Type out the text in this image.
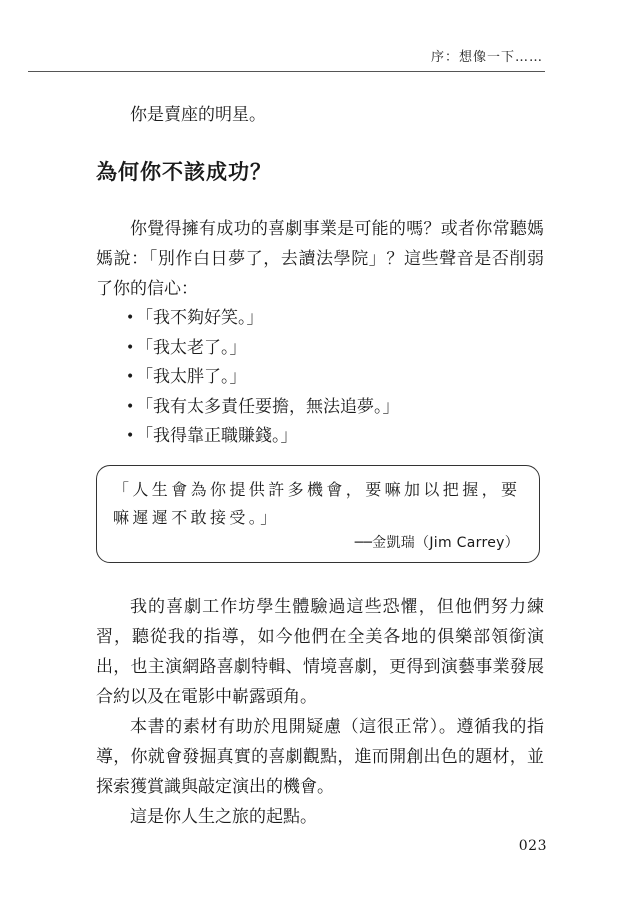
序：想像一下……

你是賣座的明星。

為何你不該成功？

你覺得擁有成功的喜劇事業是可能的嗎？或者你常聽媽媽說：「別作白日夢了，去讀法學院」？這些聲音是否削弱了你的信心：

• 「我不夠好笑。」
• 「我太老了。」
• 「我太胖了。」
• 「我有太多責任要擔，無法追夢。」
• 「我得靠正職賺錢。」
「人生會為你提供許多機會，要嘛加以把握，要嘛遲遲不敢接受。」
──金凱瑞（Jim Carrey）

我的喜劇工作坊學生體驗過這些恐懼，但他們努力練習，聽從我的指導，如今他們在全美各地的俱樂部領銜演出，也主演網路喜劇特輯、情境喜劇，更得到演藝事業發展合約以及在電影中嶄露頭角。

本書的素材有助於甩開疑慮（這很正常）。遵循我的指導，你就會發掘真實的喜劇觀點，進而開創出色的題材，並探索獲賞識與敲定演出的機會。

這是你人生之旅的起點。

023
